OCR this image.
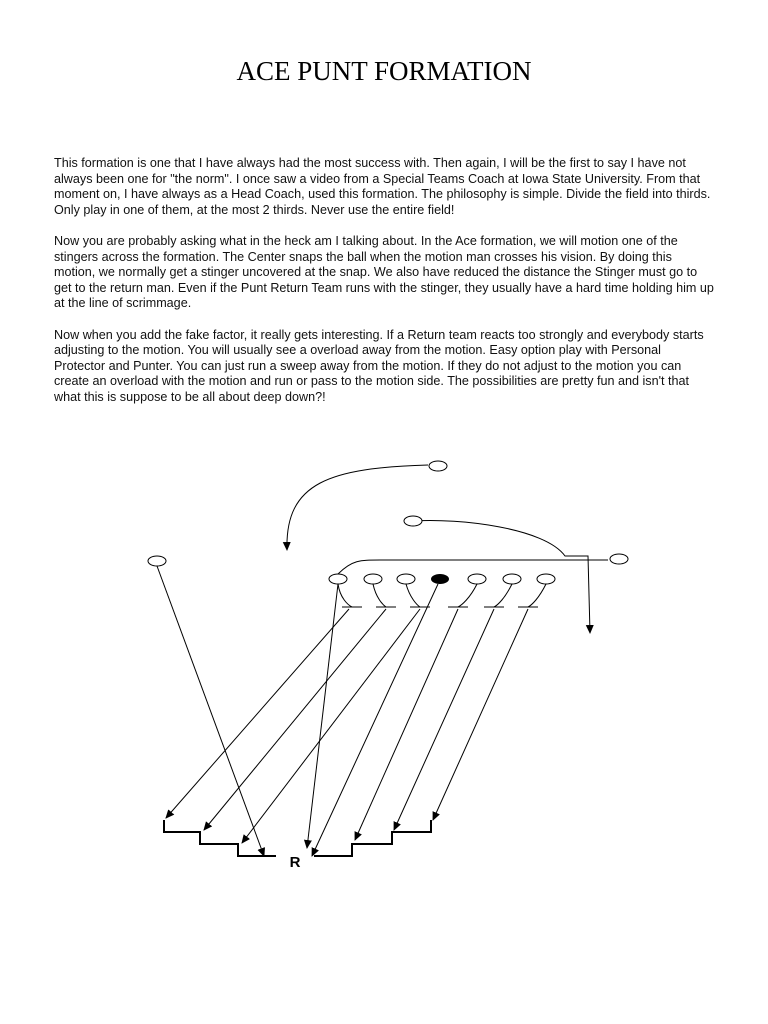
ACE PUNT FORMATION

This formation is one that I have always had the most success with. Then again, I will be the first to say I have not always been one for "the norm". I once saw a video from a Special Teams Coach at Iowa State University. From that moment on, I have always as a Head Coach, used this formation. The philosophy is simple. Divide the field into thirds. Only play in one of them, at the most 2 thirds. Never use the entire field!

Now you are probably asking what in the heck am I talking about. In the Ace formation, we will motion one of the stingers across the formation. The Center snaps the ball when the motion man crosses his vision. By doing this motion, we normally get a stinger uncovered at the snap. We also have reduced the distance the Stinger must go to get to the return man. Even if the Punt Return Team runs with the stinger, they usually have a hard time holding him up at the line of scrimmage.

Now when you add the fake factor, it really gets interesting. If a Return team reacts too strongly and everybody starts adjusting to the motion. You will usually see a overload away from the motion. Easy option play with Personal Protector and Punter. You can just run a sweep away from the motion. If they do not adjust to the motion you can create an overload with the motion and run or pass to the motion side. The possibilities are pretty fun and isn't that what this is suppose to be all about deep down?!

R
